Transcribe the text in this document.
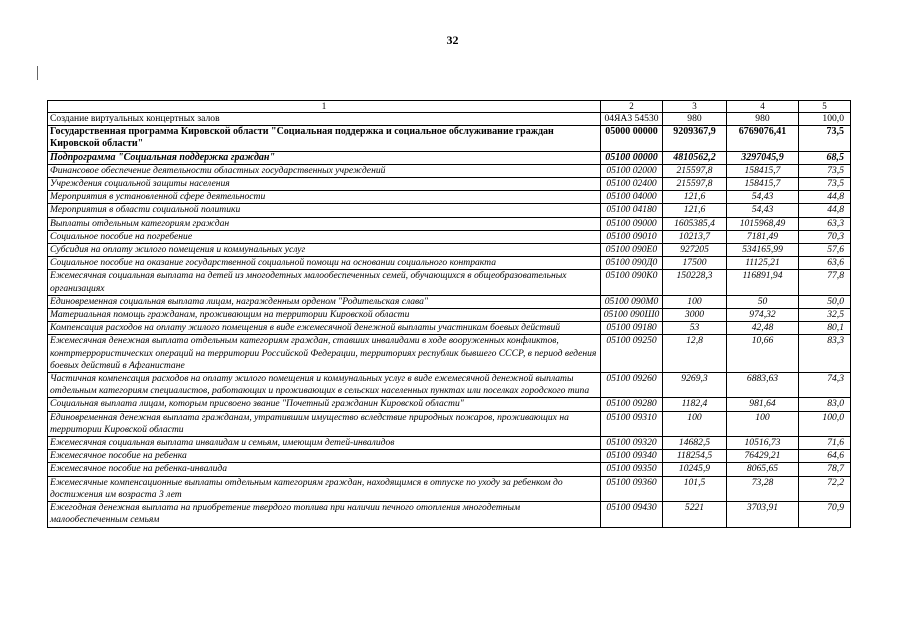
32
1	2	3	4	5
Создание виртуальных концертных залов	04ЯА3 54530	980	980	100,0
Государственная программа Кировской области "Социальная поддержка и социальное обслуживание граждан Кировской области"	05000 00000	9209367,9	6769076,41	73,5
Подпрограмма "Социальная поддержка граждан"	05100 00000	4810562,2	3297045,9	68,5
Финансовое обеспечение деятельности областных государственных учреждений	05100 02000	215597,8	158415,7	73,5
Учреждения социальной защиты населения	05100 02400	215597,8	158415,7	73,5
Мероприятия в установленной сфере деятельности	05100 04000	121,6	54,43	44,8
Мероприятия в области социальной политики	05100 04180	121,6	54,43	44,8
Выплаты отдельным категориям граждан	05100 09000	1605385,4	1015968,49	63,3
Социальное пособие на погребение	05100 09010	10213,7	7181,49	70,3
Субсидия на оплату жилого помещения и коммунальных услуг	05100 090Е0	927205	534165,99	57,6
Социальное пособие на оказание государственной социальной помощи на основании социального контракта	05100 090Д0	17500	11125,21	63,6
Ежемесячная социальная выплата на детей из многодетных малообеспеченных семей, обучающихся в общеобразовательных организациях	05100 090К0	150228,3	116891,94	77,8
Единовременная социальная выплата лицам, награжденным орденом "Родительская слава"	05100 090М0	100	50	50,0
Материальная помощь гражданам, проживающим на территории Кировской области	05100 090Ш0	3000	974,32	32,5
Компенсация расходов на оплату жилого помещения в виде ежемесячной денежной выплаты участникам боевых действий	05100 09180	53	42,48	80,1
Ежемесячная денежная выплата отдельным категориям граждан, ставших инвалидами в ходе вооруженных конфликтов, контртеррористических операций на территории Российской Федерации, территориях республик бывшего СССР, в период ведения боевых действий в Афганистане	05100 09250	12,8	10,66	83,3
Частичная компенсация расходов на оплату жилого помещения и коммунальных услуг в виде ежемесячной денежной выплаты отдельным категориям специалистов, работающих и проживающих в сельских населенных пунктах или поселках городского типа	05100 09260	9269,3	6883,63	74,3
Социальная выплата лицам, которым присвоено звание "Почетный гражданин Кировской области"	05100 09280	1182,4	981,64	83,0
Единовременная денежная выплата гражданам, утратившим имущество вследствие природных пожаров, проживающих на территории Кировской области	05100 09310	100	100	100,0
Ежемесячная социальная выплата инвалидам и семьям, имеющим детей-инвалидов	05100 09320	14682,5	10516,73	71,6
Ежемесячное пособие на ребенка	05100 09340	118254,5	76429,21	64,6
Ежемесячное пособие на ребенка-инвалида	05100 09350	10245,9	8065,65	78,7
Ежемесячные компенсационные выплаты отдельным категориям граждан, находящимся в отпуске по уходу за ребенком до достижения им возраста 3 лет	05100 09360	101,5	73,28	72,2
Ежегодная денежная выплата на приобретение твердого топлива при наличии печного отопления многодетным малообеспеченным семьям	05100 09430	5221	3703,91	70,9
